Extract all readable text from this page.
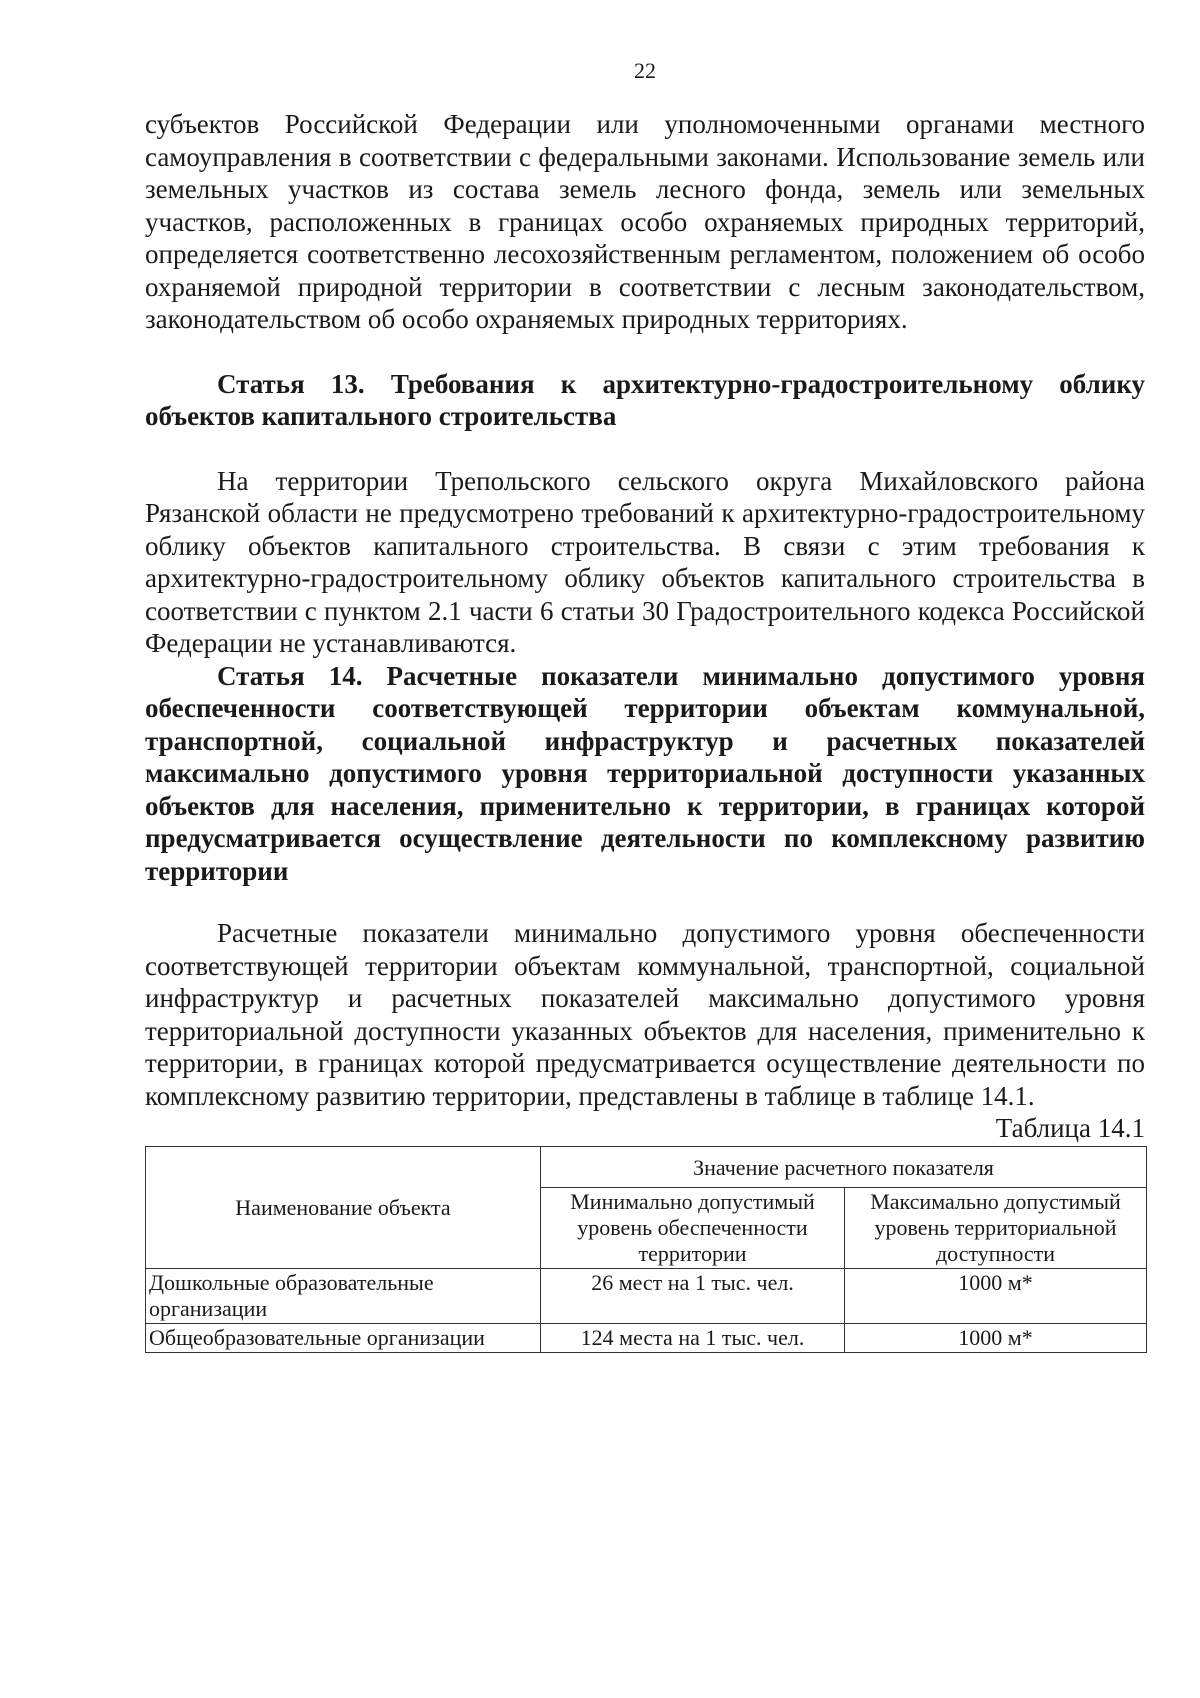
22

субъектов Российской Федерации или уполномоченными органами местного самоуправления в соответствии с федеральными законами. Использование земель или земельных участков из состава земель лесного фонда, земель или земельных участков, расположенных в границах особо охраняемых природных территорий, определяется соответственно лесохозяйственным регламентом, положением об особо охраняемой природной территории в соответствии с лесным законодательством, законодательством об особо охраняемых природных территориях.

Статья 13. Требования к архитектурно-градостроительному облику объектов капитального строительства

На территории Трепольского сельского округа Михайловского района Рязанской области не предусмотрено требований к архитектурно-градостроительному облику объектов капитального строительства. В связи с этим требования к архитектурно-градостроительному облику объектов капитального строительства в соответствии с пунктом 2.1 части 6 статьи 30 Градостроительного кодекса Российской Федерации не устанавливаются.

Статья 14. Расчетные показатели минимально допустимого уровня обеспеченности соответствующей территории объектам коммунальной, транспортной, социальной инфраструктур и расчетных показателей максимально допустимого уровня территориальной доступности указанных объектов для населения, применительно к территории, в границах которой предусматривается осуществление деятельности по комплексному развитию территории

Расчетные показатели минимально допустимого уровня обеспеченности соответствующей территории объектам коммунальной, транспортной, социальной инфраструктур и расчетных показателей максимально допустимого уровня территориальной доступности указанных объектов для населения, применительно к территории, в границах которой предусматривается осуществление деятельности по комплексному развитию территории, представлены в таблице в таблице 14.1.

Таблица 14.1
Наименование объекта	Значение расчетного показателя	
	Минимально допустимый уровень обеспеченности территории	Максимально допустимый уровень территориальной доступности
Дошкольные образовательные организации	26 мест на 1 тыс. чел.	1000 м*
Общеобразовательные организации	124 места на 1 тыс. чел.	1000 м*
